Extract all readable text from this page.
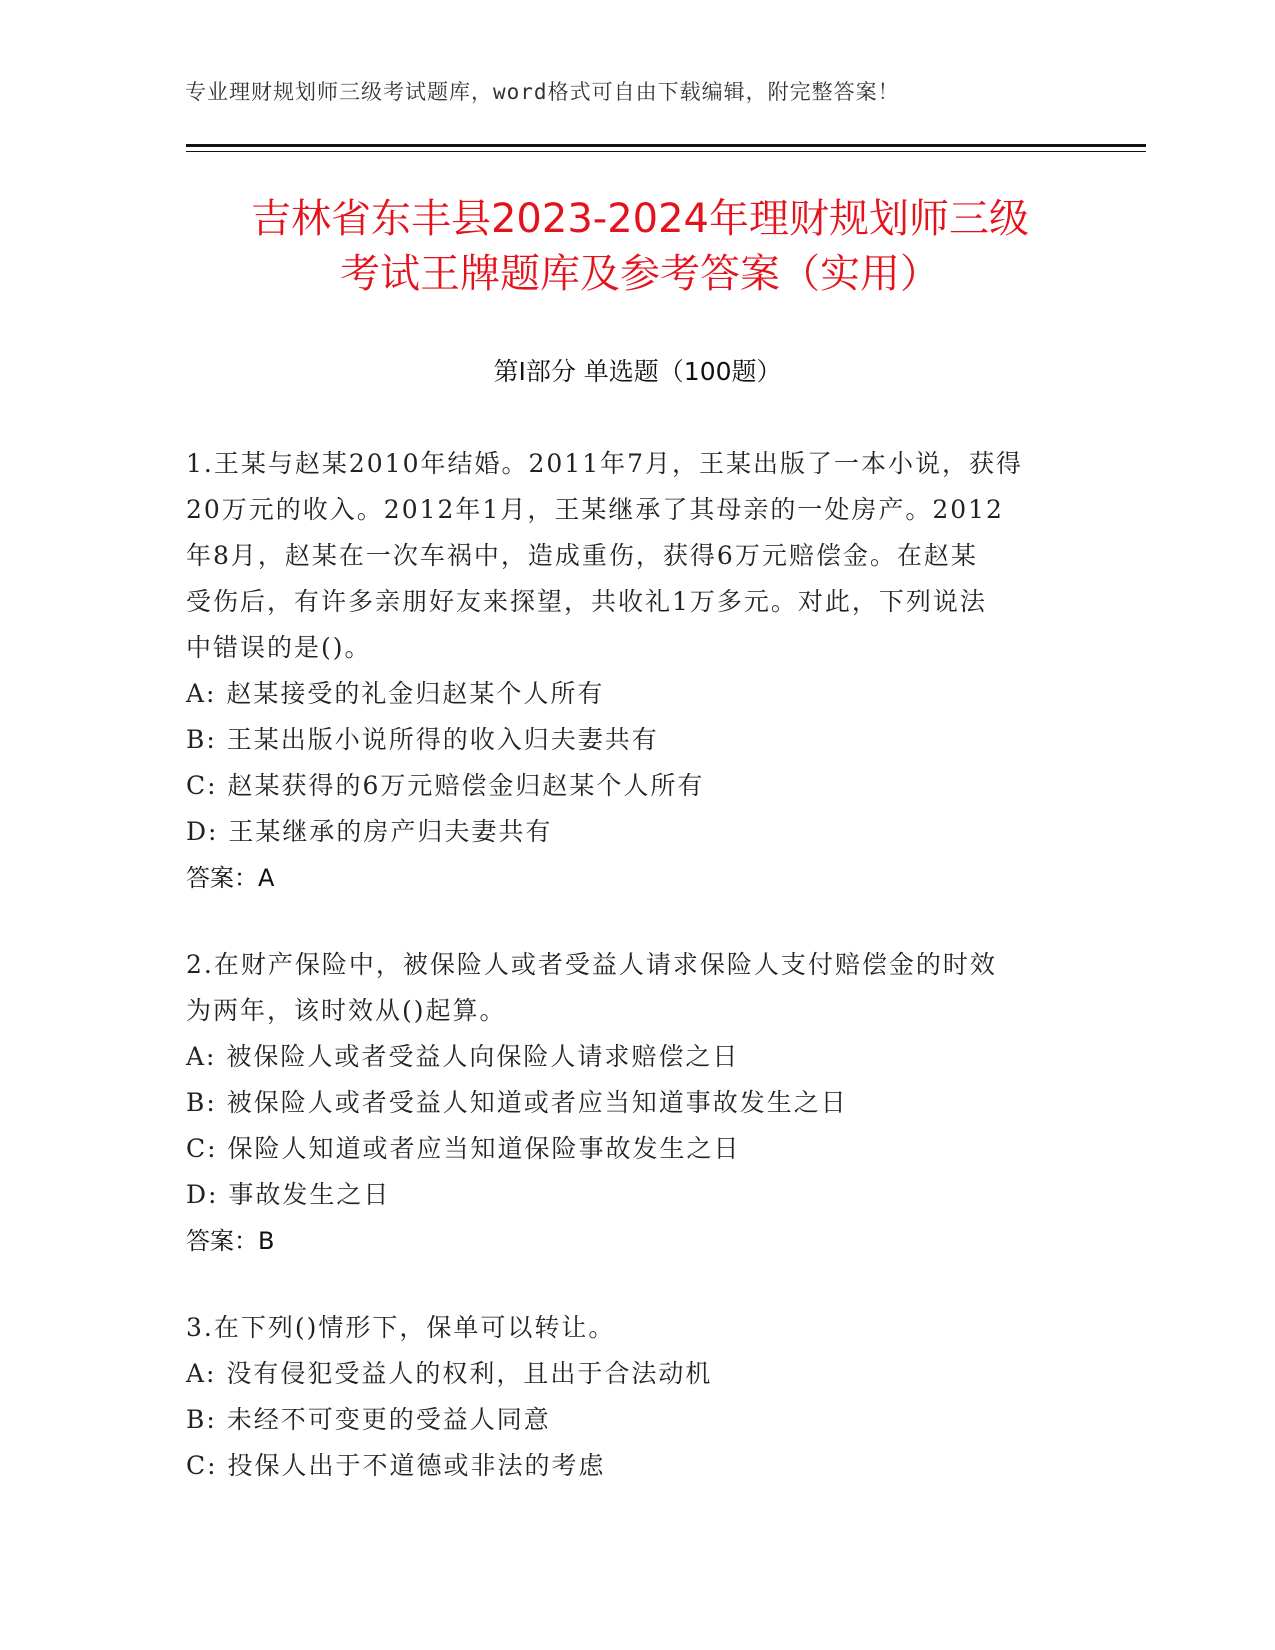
专业理财规划师三级考试题库，word格式可自由下载编辑，附完整答案！
吉林省东丰县2023-2024年理财规划师三级
考试王牌题库及参考答案（实用）
第Ⅰ部分 单选题（100题）

1.王某与赵某2010年结婚。2011年7月，王某出版了一本小说，获得

20万元的收入。2012年1月，王某继承了其母亲的一处房产。2012

年8月，赵某在一次车祸中，造成重伤，获得6万元赔偿金。在赵某

受伤后，有许多亲朋好友来探望，共收礼1万多元。对此，下列说法

中错误的是()。

A: 赵某接受的礼金归赵某个人所有

B: 王某出版小说所得的收入归夫妻共有

C: 赵某获得的6万元赔偿金归赵某个人所有

D: 王某继承的房产归夫妻共有

答案：A

2.在财产保险中，被保险人或者受益人请求保险人支付赔偿金的时效

为两年，该时效从()起算。

A: 被保险人或者受益人向保险人请求赔偿之日

B: 被保险人或者受益人知道或者应当知道事故发生之日

C: 保险人知道或者应当知道保险事故发生之日

D: 事故发生之日

答案：B

3.在下列()情形下，保单可以转让。

A: 没有侵犯受益人的权利，且出于合法动机

B: 未经不可变更的受益人同意

C: 投保人出于不道德或非法的考虑
